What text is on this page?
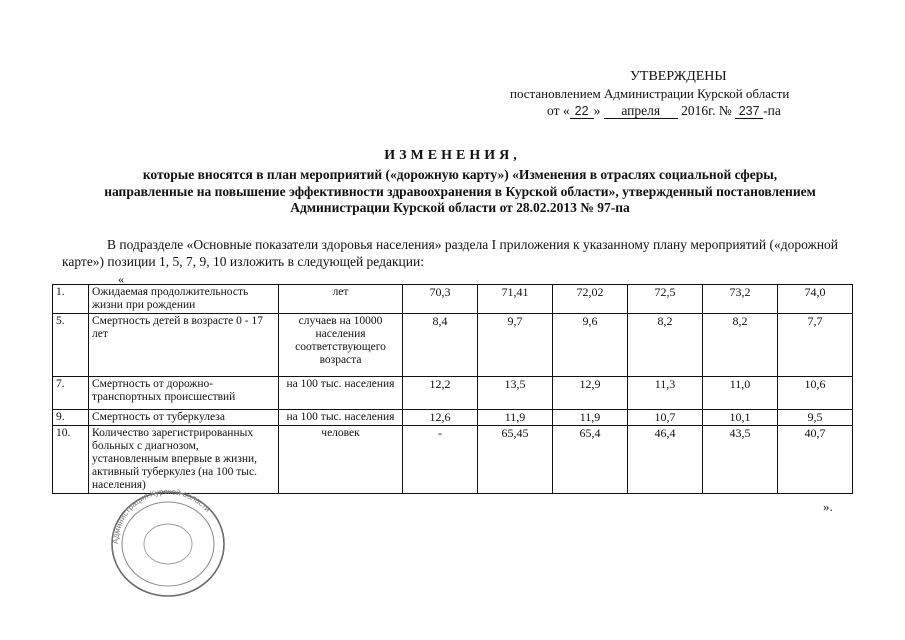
УТВЕРЖДЕНЫ
постановлением Администрации Курской области
от « 22 » апреля 2016г. № 237 -па
ИЗМЕНЕНИЯ,
которые вносятся в план мероприятий («дорожную карту») «Изменения в отраслях социальной сферы, направленные на повышение эффективности здравоохранения в Курской области», утвержденный постановлением Администрации Курской области от 28.02.2013 № 97-па
В подразделе «Основные показатели здоровья населения» раздела I приложения к указанному плану мероприятий («дорожной карте») позиции 1, 5, 7, 9, 10 изложить в следующей редакции:
«
1.	Ожидаемая продолжительность жизни при рождении	лет	70,3	71,41	72,02	72,5	73,2	74,0
5.	Смертность детей в возрасте 0 - 17 лет	случаев на 10000 населения соответствующего возраста	8,4	9,7	9,6	8,2	8,2	7,7
7.	Смертность от дорожно-транспортных происшествий	на 100 тыс. населения	12,2	13,5	12,9	11,3	11,0	10,6
9.	Смертность от туберкулеза	на 100 тыс. населения	12,6	11,9	11,9	10,7	10,1	9,5
10.	Количество зарегистрированных больных с диагнозом, установленным впервые в жизни, активный туберкулез (на 100 тыс. населения)	человек	-	65,45	65,4	46,4	43,5	40,7
».
Администрация Курской области
